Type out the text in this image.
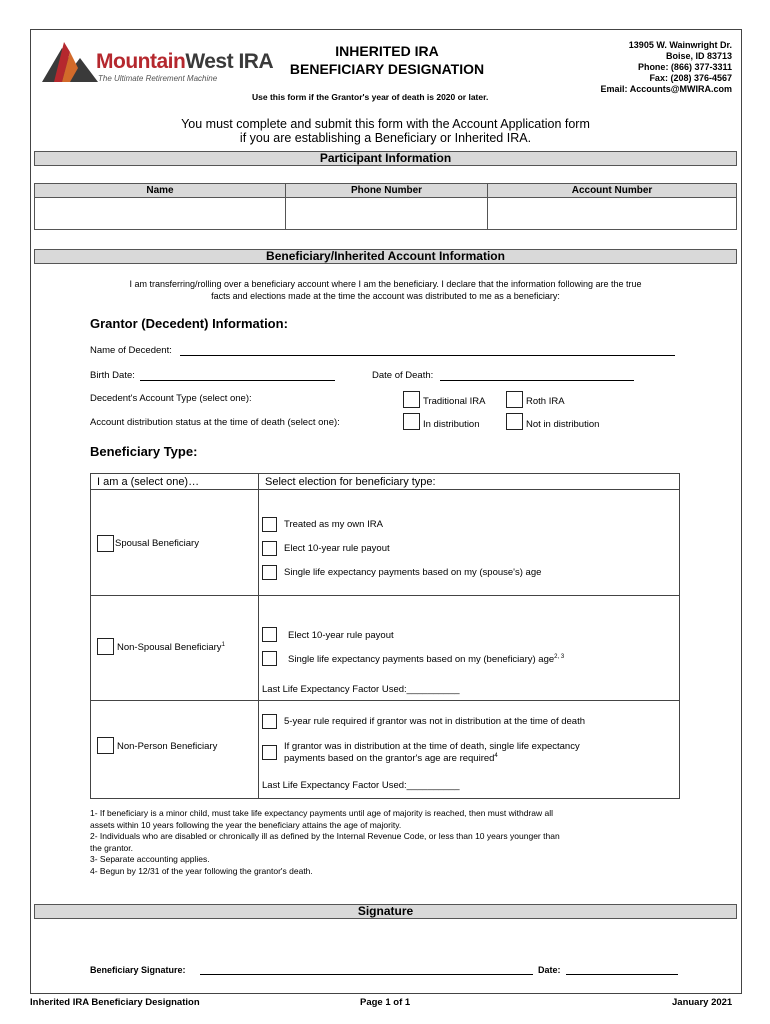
MountainWest IRA
The Ultimate Retirement Machine
INHERITED IRA
BENEFICIARY DESIGNATION
Use this form if the Grantor's year of death is 2020 or later.
13905 W. Wainwright Dr.
Boise, ID 83713
Phone: (866) 377-3311
Fax: (208) 376-4567
Email: Accounts@MWIRA.com
You must complete and submit this form with the Account Application form
if you are establishing a Beneficiary or Inherited IRA.
Participant Information
Name	Phone Number	Account Number

Beneficiary/Inherited Account Information
I am transferring/rolling over a beneficiary account where I am the beneficiary. I declare that the information following are the true
facts and elections made at the time the account was distributed to me as a beneficiary:
Grantor (Decedent) Information:
Name of Decedent:
Birth Date:	Date of Death:
Decedent's Account Type (select one):	Traditional IRA	Roth IRA
Account distribution status at the time of death (select one):	In distribution	Not in distribution
Beneficiary Type:
I am a (select one)…	Select election for beneficiary type:
Spousal Beneficiary
Treated as my own IRA
Elect 10-year rule payout
Single life expectancy payments based on my (spouse's) age
Non-Spousal Beneficiary$^1$
Elect 10-year rule payout
Single life expectancy payments based on my (beneficiary) age$^{2, 3}$
Last Life Expectancy Factor Used:__________
Non-Person Beneficiary
5-year rule required if grantor was not in distribution at the time of death
If grantor was in distribution at the time of death, single life expectancy
payments based on the grantor's age are required$^4$
Last Life Expectancy Factor Used:__________
1- If beneficiary is a minor child, must take life expectancy payments until age of majority is reached, then must withdraw all
assets within 10 years following the year the beneficiary attains the age of majority.
2- Individuals who are disabled or chronically ill as defined by the Internal Revenue Code, or less than 10 years younger than
the grantor.
3- Separate accounting applies.
4- Begun by 12/31 of the year following the grantor's death.
Signature
Beneficiary Signature:	Date:
Inherited IRA Beneficiary Designation	Page 1 of 1	January 2021
